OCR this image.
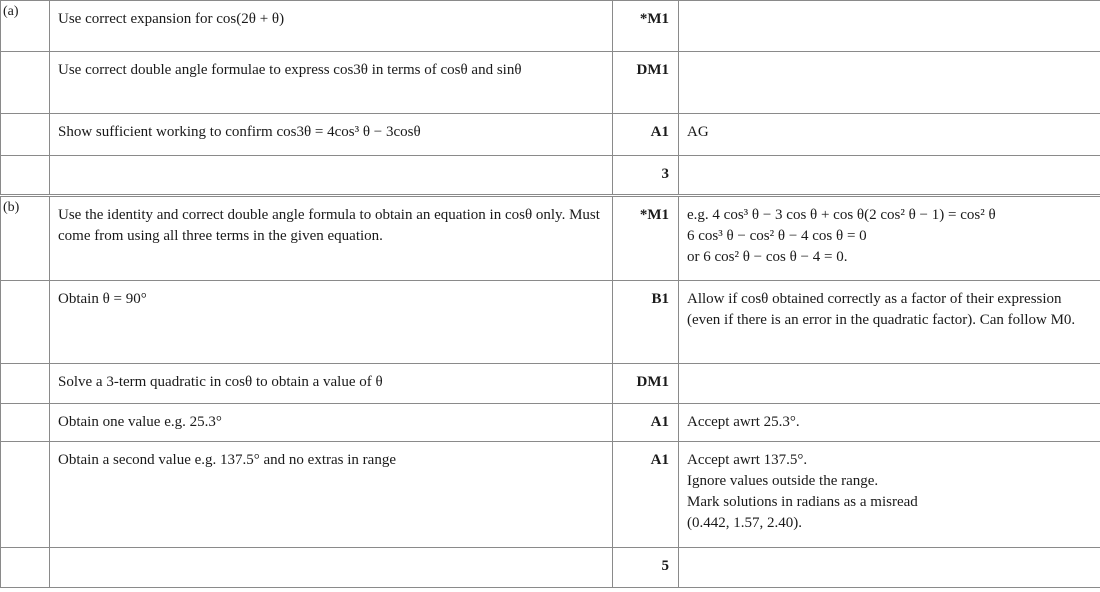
(a)	Use correct expansion for cos(2θ + θ)	*M1	
	Use correct double angle formulae to express cos3θ in terms of cosθ and sinθ	DM1	
	Show sufficient working to confirm cos3θ = 4cos³ θ − 3cosθ	A1	AG

		3	
(b)	Use the identity and correct double angle formula to obtain an equation in cosθ only. Must come from using all three terms in the given equation.	*M1	e.g. 4 cos³ θ − 3 cos θ + cos θ(2 cos² θ − 1) = cos² θ
6 cos³ θ − cos² θ − 4 cos θ = 0
or 6 cos² θ − cos θ − 4 = 0.

	Obtain θ = 90°	B1	Allow if cosθ obtained correctly as a factor of their expression (even if there is an error in the quadratic factor). Can follow M0.

	Solve a 3-term quadratic in cosθ to obtain a value of θ	DM1	
	Obtain one value e.g. 25.3°	A1	Accept awrt 25.3°.

	Obtain a second value e.g. 137.5° and no extras in range	A1	Accept awrt 137.5°.
Ignore values outside the range.
Mark solutions in radians as a misread
(0.442, 1.57, 2.40).

		5	
